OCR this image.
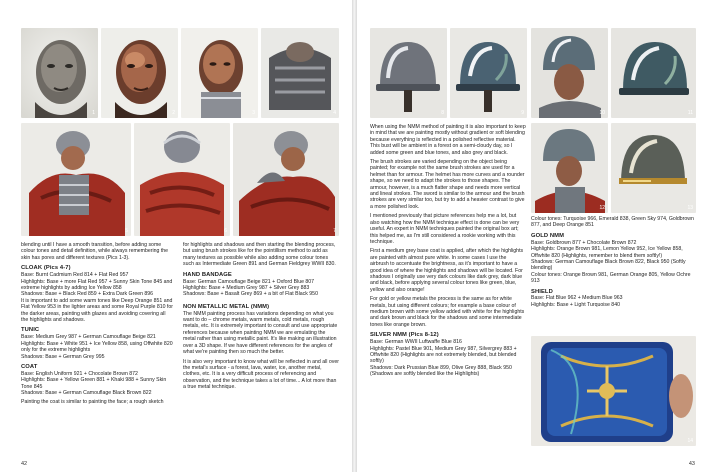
1	2	3	4
5	6	7

blending until I have a smooth transition, before adding some colour tones and detail definition, while always remembering the skin has pores and different textures (Pics 1-3).

CLOAK (Pics 4-7)
Base: Burnt Cadmium Red 814 + Flat Red 957
Highlights: Base + more Flat Red 957 + Sunny Skin Tone 845 and extreme highlights by adding Ice Yellow 858
Shadows: Base + Black Red 859 + Extra Dark Green 896

It is important to add some warm tones like Deep Orange 851 and Flat Yellow 953 in the lighter areas and some Royal Purple 810 for the darker areas, painting with glazes and avoiding covering all the highlights and shadows.

TUNIC
Base: Medium Grey 987 + German Camouflage Beige 821
Highlights: Base + White 951 + Ice Yellow 858, using Offwhite 820 only for the extreme highlights
Shadows: Base + German Grey 995
COAT
Base: English Uniform 921 + Chocolate Brown 872
Highlights: Base + Yellow Green 881 + Khaki 988 + Sunny Skin Tone 845
Shadows: Base + German Camouflage Black Brown 822

Painting the coat is similar to painting the face; a rough sketch

for highlights and shadows and then starting the blending process, but using brush strokes like for the pointillism method to add as many textures as possible while also adding some colour tones such as Intermediate Green 891 and German Fieldgrey WWII 830.

HAND BANDAGE
Base: German Camouflage Beige 821 + Oxford Blue 807
Highlights: Base + Medium Grey 987 + Silver Grey 883
Shadows: Base + Basalt Grey 869 + a bit of Flat Black 950
NON METALLIC METAL (NMM)

The NMM painting process has variations depending on what you want to do – chrome metals, warm metals, cold metals, rough metals, etc. It is extremely important to consult and use appropriate references because when painting NMM we are emulating the metal rather than using metallic paint. It's like making an illustration over a 3D shape. If we have different references for the angles of what we're painting then so much the better.

It is also very important to know what will be reflected in and all over the metal's surface - a forest, lava, water, ice, another metal, clothes, etc. It is a very difficult process of referencing and observation, and the technique takes a lot of time... A lot more than a true metal technique.

42
8	9	10	11
12	13
14

When using the NMM method of painting it is also important to keep in mind that we are painting mostly without gradient or soft blending because everything is reflected in a polished reflective material. This bust will be ambient in a forest on a semi-cloudy day, so I added some green and blue tones, and also grey and black.

The brush strokes are varied depending on the object being painted; for example not the same brush strokes are used for a helmet than for armour. The helmet has more curves and a rounder shape, so we need to adapt the strokes to those shapes. The armour, however, is a much flatter shape and needs more vertical and lineal strokes. The sword is similar to the armour and the brush strokes are very similar too, but try to add a heavier contrast to give a more polished look.

I mentioned previously that picture references help me a lot, but also watching how the NMM technique effect is done can be very useful. An expert in NMM techniques painted the original box art; this helped me, as I'm still considered a rookie working with this technique.

First a medium grey base coat is applied, after which the highlights are painted with almost pure white. In some cases I use the airbrush to accentuate the brightness, as it's important to have a good idea of where the highlights and shadows will be located. For shadows I originally use very dark colours like dark grey, dark blue and black, before applying several colour tones like green, blue, yellow and also orange!

For gold or yellow metals the process is the same as for white metals, but using different colours; for example a base colour of medium brown with some yellow added with white for the highlights and dark brown and black for the shadows and some intermediate tones like orange brown.

SILVER NMM (Pics 8-12)
Base: German WWII Luftwaffe Blue 816
Highlights: Pastel Blue 901, Medium Grey 987, Silvergrey 883 + Offwhite 820 (Highlights are not extremely blended, but blended softly)
Shadows: Dark Prussian Blue 899, Olive Grey 888, Black 950 (Shadows are softly blended like the Highlights)

Colour tones: Turquoise 966, Emerald 838, Green Sky 974, Goldbrown 877, and Deep Orange 851

GOLD NMM
Base: Goldbrown 877 + Chocolate Brown 872
Highlights: Orange Brown 981, Lemon Yellow 952, Ice Yellow 858, Offwhite 820 (Highlights, remember to blend them softly!)
Shadows: German Camouflage Black Brown 822, Black 950 (Softly blending)
Colour tones: Orange Brown 981, German Orange 805, Yellow Ochre 913
SHIELD
Base: Flat Blue 962 + Medium Blue 963
Highlights: Base + Light Turquoise 840
43
